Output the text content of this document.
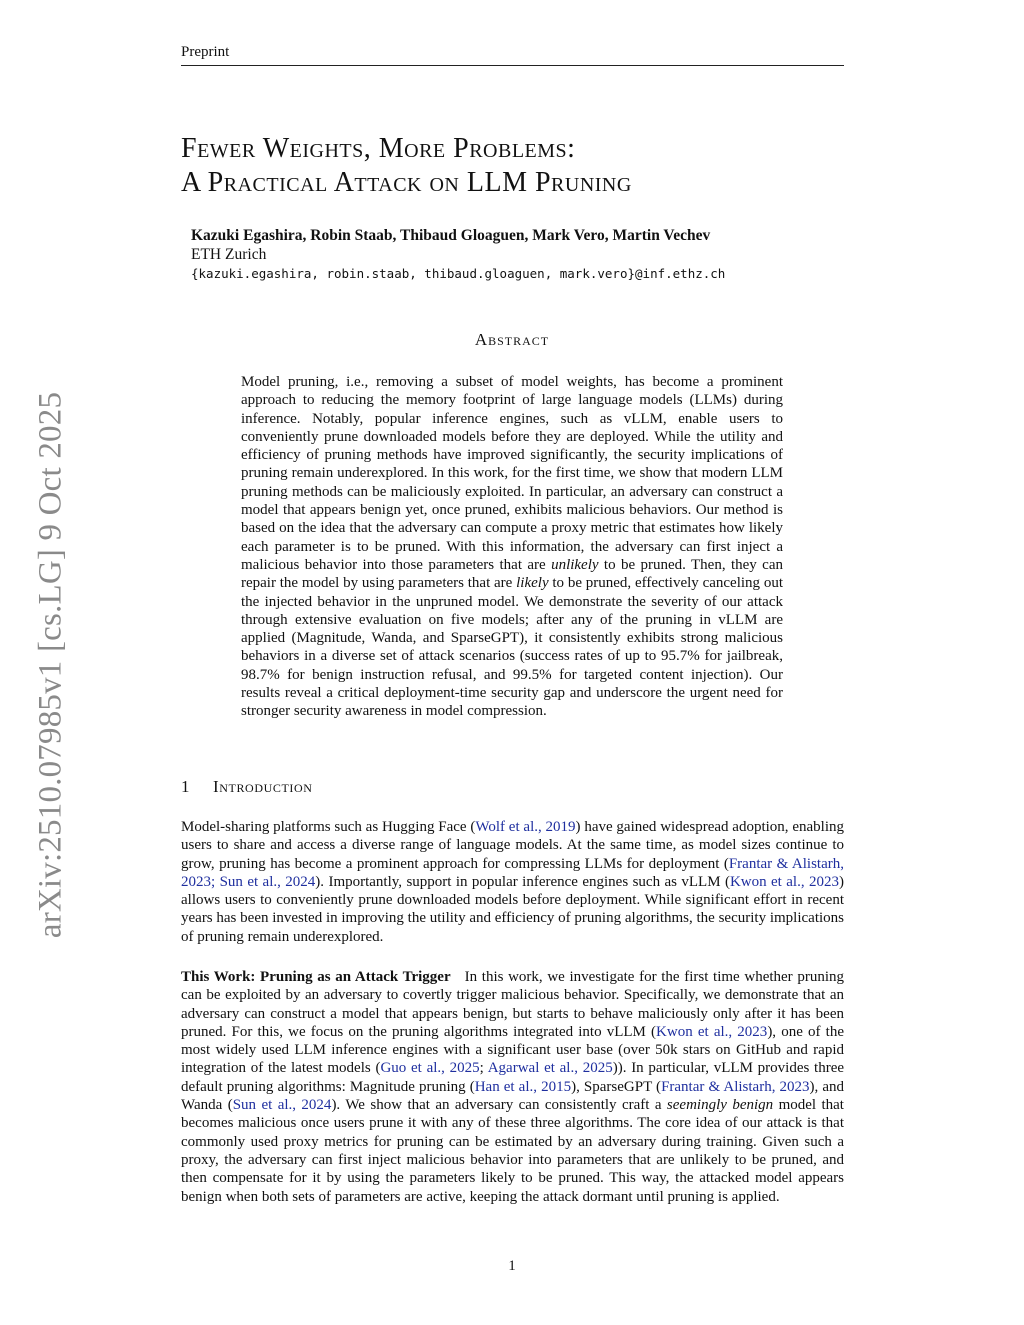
Preprint
arXiv:2510.07985v1 [cs.LG] 9 Oct 2025
Fewer Weights, More Problems:
A Practical Attack on LLM Pruning
Kazuki Egashira, Robin Staab, Thibaud Gloaguen, Mark Vero, Martin Vechev
ETH Zurich
{kazuki.egashira, robin.staab, thibaud.gloaguen, mark.vero}@inf.ethz.ch
Abstract
Model pruning, i.e., removing a subset of model weights, has become a prominent approach to reducing the memory footprint of large language models (LLMs) during inference. Notably, popular inference engines, such as vLLM, enable users to conveniently prune downloaded models before they are deployed. While the utility and efficiency of pruning methods have improved significantly, the security implications of pruning remain underexplored. In this work, for the first time, we show that modern LLM pruning methods can be maliciously exploited. In particular, an adversary can construct a model that appears benign yet, once pruned, exhibits malicious behaviors. Our method is based on the idea that the adversary can compute a proxy metric that estimates how likely each parameter is to be pruned. With this information, the adversary can first inject a malicious behavior into those parameters that are unlikely to be pruned. Then, they can repair the model by using parameters that are likely to be pruned, effectively canceling out the injected behavior in the unpruned model. We demonstrate the severity of our attack through extensive evaluation on five models; after any of the pruning in vLLM are applied (Magnitude, Wanda, and SparseGPT), it consistently exhibits strong malicious behaviors in a diverse set of attack scenarios (success rates of up to 95.7% for jailbreak, 98.7% for benign instruction refusal, and 99.5% for targeted content injection). Our results reveal a critical deployment-time security gap and underscore the urgent need for stronger security awareness in model compression.
1 Introduction
Model-sharing platforms such as Hugging Face (Wolf et al., 2019) have gained widespread adoption, enabling users to share and access a diverse range of language models. At the same time, as model sizes continue to grow, pruning has become a prominent approach for compressing LLMs for deployment (Frantar & Alistarh, 2023; Sun et al., 2024). Importantly, support in popular inference engines such as vLLM (Kwon et al., 2023) allows users to conveniently prune downloaded models before deployment. While significant effort in recent years has been invested in improving the utility and efficiency of pruning algorithms, the security implications of pruning remain underexplored.
This Work: Pruning as an Attack Trigger In this work, we investigate for the first time whether pruning can be exploited by an adversary to covertly trigger malicious behavior. Specifically, we demonstrate that an adversary can construct a model that appears benign, but starts to behave maliciously only after it has been pruned. For this, we focus on the pruning algorithms integrated into vLLM (Kwon et al., 2023), one of the most widely used LLM inference engines with a significant user base (over 50k stars on GitHub and rapid integration of the latest models (Guo et al., 2025; Agarwal et al., 2025)). In particular, vLLM provides three default pruning algorithms: Magnitude pruning (Han et al., 2015), SparseGPT (Frantar & Alistarh, 2023), and Wanda (Sun et al., 2024). We show that an adversary can consistently craft a seemingly benign model that becomes malicious once users prune it with any of these three algorithms. The core idea of our attack is that commonly used proxy metrics for pruning can be estimated by an adversary during training. Given such a proxy, the adversary can first inject malicious behavior into parameters that are unlikely to be pruned, and then compensate for it by using the parameters likely to be pruned. This way, the attacked model appears benign when both sets of parameters are active, keeping the attack dormant until pruning is applied.
1
